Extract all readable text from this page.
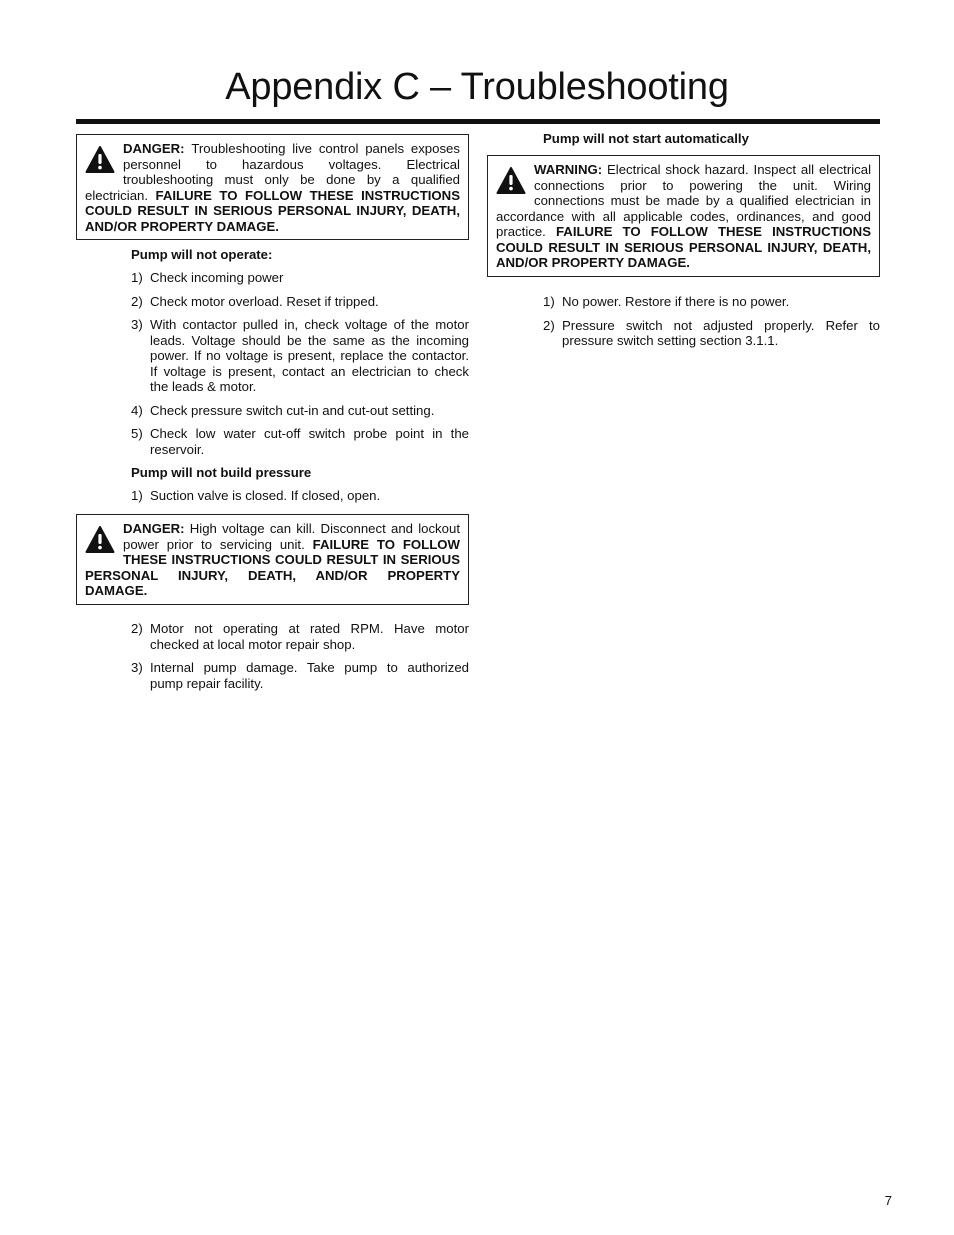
Appendix C – Troubleshooting
DANGER: Troubleshooting live control panels exposes personnel to hazardous voltages. Electrical troubleshooting must only be done by a qualified electrician. FAILURE TO FOLLOW THESE INSTRUCTIONS COULD RESULT IN SERIOUS PERSONAL INJURY, DEATH, AND/OR PROPERTY DAMAGE.
Pump will not operate:
1) Check incoming power
2) Check motor overload. Reset if tripped.
3) With contactor pulled in, check voltage of the motor leads. Voltage should be the same as the incoming power. If no voltage is present, replace the contactor. If voltage is present, contact an electrician to check the leads & motor.
4) Check pressure switch cut-in and cut-out setting.
5) Check low water cut-off switch probe point in the reservoir.
Pump will not build pressure
1) Suction valve is closed. If closed, open.
DANGER: High voltage can kill. Disconnect and lockout power prior to servicing unit. FAILURE TO FOLLOW THESE INSTRUCTIONS COULD RESULT IN SERIOUS PERSONAL INJURY, DEATH, AND/OR PROPERTY DAMAGE.
2) Motor not operating at rated RPM. Have motor checked at local motor repair shop.
3) Internal pump damage. Take pump to authorized pump repair facility.
Pump will not start automatically
WARNING: Electrical shock hazard. Inspect all electrical connections prior to powering the unit. Wiring connections must be made by a qualified electrician in accordance with all applicable codes, ordinances, and good practice. FAILURE TO FOLLOW THESE INSTRUCTIONS COULD RESULT IN SERIOUS PERSONAL INJURY, DEATH, AND/OR PROPERTY DAMAGE.
1) No power. Restore if there is no power.
2) Pressure switch not adjusted properly. Refer to pressure switch setting section 3.1.1.
7
